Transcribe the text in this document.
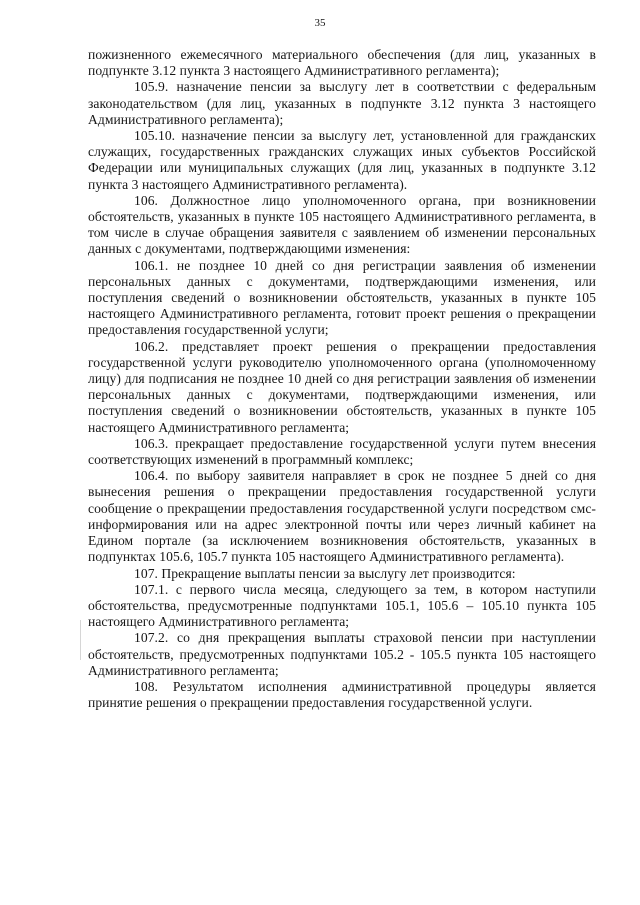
35

пожизненного ежемесячного материального обеспечения (для лиц, указанных в подпункте 3.12 пункта 3 настоящего Административного регламента);

105.9. назначение пенсии за выслугу лет в соответствии с федеральным законодательством (для лиц, указанных в подпункте 3.12 пункта 3 настоящего Административного регламента);

105.10. назначение пенсии за выслугу лет, установленной для гражданских служащих, государственных гражданских служащих иных субъектов Российской Федерации или муниципальных служащих (для лиц, указанных в подпункте 3.12 пункта 3 настоящего Административного регламента).

106. Должностное лицо уполномоченного органа, при возникновении обстоятельств, указанных в пункте 105 настоящего Административного регламента, в том числе в случае обращения заявителя с заявлением об изменении персональных данных с документами, подтверждающими изменения:

106.1. не позднее 10 дней со дня регистрации заявления об изменении персональных данных с документами, подтверждающими изменения, или поступления сведений о возникновении обстоятельств, указанных в пункте 105 настоящего Административного регламента, готовит проект решения о прекращении предоставления государственной услуги;

106.2. представляет проект решения о прекращении предоставления государственной услуги руководителю уполномоченного органа (уполномоченному лицу) для подписания не позднее 10 дней со дня регистрации заявления об изменении персональных данных с документами, подтверждающими изменения, или поступления сведений о возникновении обстоятельств, указанных в пункте 105 настоящего Административного регламента;

106.3. прекращает предоставление государственной услуги путем внесения соответствующих изменений в программный комплекс;

106.4. по выбору заявителя направляет в срок не позднее 5 дней со дня вынесения решения о прекращении предоставления государственной услуги сообщение о прекращении предоставления государственной услуги посредством смс-информирования или на адрес электронной почты или через личный кабинет на Едином портале (за исключением возникновения обстоятельств, указанных в подпунктах 105.6, 105.7 пункта 105 настоящего Административного регламента).

107. Прекращение выплаты пенсии за выслугу лет производится:

107.1. с первого числа месяца, следующего за тем, в котором наступили обстоятельства, предусмотренные подпунктами 105.1, 105.6 – 105.10 пункта 105 настоящего Административного регламента;

107.2. со дня прекращения выплаты страховой пенсии при наступлении обстоятельств, предусмотренных подпунктами 105.2 - 105.5 пункта 105 настоящего Административного регламента;

108. Результатом исполнения административной процедуры является принятие решения о прекращении предоставления государственной услуги.
